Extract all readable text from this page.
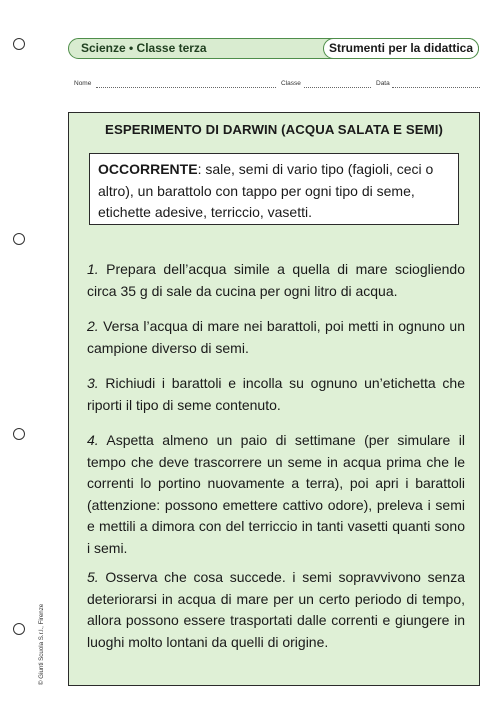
Scienze • Classe terza	Strumenti per la didattica
Nome	Classe	Data
ESPERIMENTO DI DARWIN (ACQUA SALATA E SEMI)
OCCORRENTE: sale, semi di vario tipo (fagioli, ceci o altro), un barattolo con tappo per ogni tipo di seme, etichette adesive, terriccio, vasetti.
1. Prepara dell’acqua simile a quella di mare sciogliendo circa 35 g di sale da cucina per ogni litro di acqua.
2. Versa l’acqua di mare nei barattoli, poi metti in ognuno un campione diverso di semi.
3. Richiudi i barattoli e incolla su ognuno un’etichetta che riporti il tipo di seme contenuto.
4. Aspetta almeno un paio di settimane (per simulare il tempo che deve trascorrere un seme in acqua prima che le correnti lo portino nuovamente a terra), poi apri i barattoli (attenzione: possono emettere cattivo odore), preleva i semi e mettili a dimora con del terriccio in tanti vasetti quanti sono i semi.
5. Osserva che cosa succede. i semi sopravvivono senza deteriorarsi in acqua di mare per un certo periodo di tempo, allora possono essere trasportati dalle correnti e giungere in luoghi molto lontani da quelli di origine.
© Giunti Scuola S.r.l., Firenze
